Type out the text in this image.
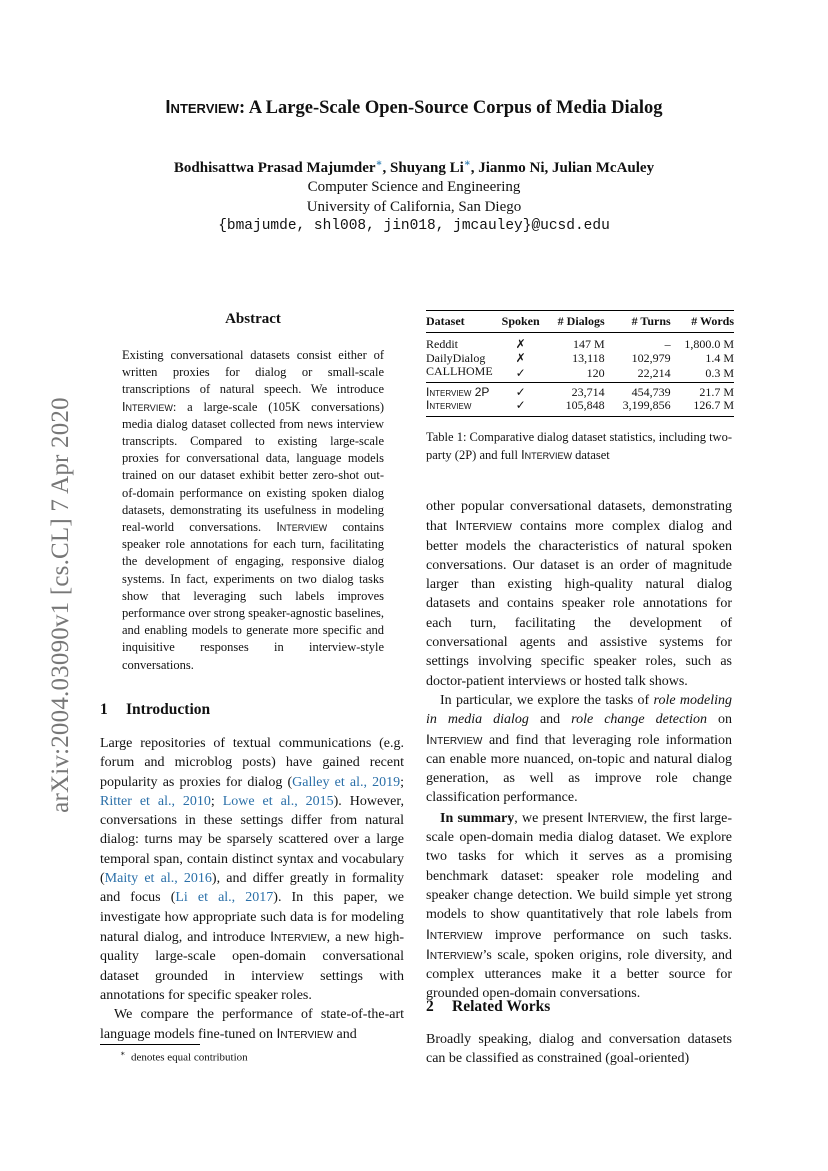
arXiv:2004.03090v1 [cs.CL] 7 Apr 2020
Interview: A Large-Scale Open-Source Corpus of Media Dialog
Bodhisattwa Prasad Majumder∗, Shuyang Li∗, Jianmo Ni, Julian McAuley
Computer Science and Engineering
University of California, San Diego
{bmajumde, shl008, jin018, jmcauley}@ucsd.edu
Abstract
Existing conversational datasets consist either of written proxies for dialog or small-scale transcriptions of natural speech. We introduce Interview: a large-scale (105K conversations) media dialog dataset collected from news interview transcripts. Compared to existing large-scale proxies for conversational data, language models trained on our dataset exhibit better zero-shot out-of-domain performance on existing spoken dialog datasets, demonstrating its usefulness in modeling real-world conversations. Interview contains speaker role annotations for each turn, facilitating the development of engaging, responsive dialog systems. In fact, experiments on two dialog tasks show that leveraging such labels improves performance over strong speaker-agnostic baselines, and enabling models to generate more specific and inquisitive responses in interview-style conversations.
1 Introduction

Large repositories of textual communications (e.g. forum and microblog posts) have gained recent popularity as proxies for dialog (Galley et al., 2019; Ritter et al., 2010; Lowe et al., 2015). However, conversations in these settings differ from natural dialog: turns may be sparsely scattered over a large temporal span, contain distinct syntax and vocabulary (Maity et al., 2016), and differ greatly in formality and focus (Li et al., 2017). In this paper, we investigate how appropriate such data is for modeling natural dialog, and introduce Interview, a new high-quality large-scale open-domain conversational dataset grounded in interview settings with annotations for specific speaker roles.

We compare the performance of state-of-the-art language models fine-tuned on Interview and

∗ denotes equal contribution
Dataset	Spoken	# Dialogs	# Turns	# Words
Reddit	✗	147 M	–	1,800.0 M
DailyDialog	✗	13,118	102,979	1.4 M
CALLHOME	✓	120	22,214	0.3 M
Interview 2P	✓	23,714	454,739	21.7 M
Interview	✓	105,848	3,199,856	126.7 M
Table 1: Comparative dialog dataset statistics, including two-party (2P) and full Interview dataset

other popular conversational datasets, demonstrating that Interview contains more complex dialog and better models the characteristics of natural spoken conversations. Our dataset is an order of magnitude larger than existing high-quality natural dialog datasets and contains speaker role annotations for each turn, facilitating the development of conversational agents and assistive systems for settings involving specific speaker roles, such as doctor-patient interviews or hosted talk shows.

In particular, we explore the tasks of role modeling in media dialog and role change detection on Interview and find that leveraging role information can enable more nuanced, on-topic and natural dialog generation, as well as improve role change classification performance.

In summary, we present Interview, the first large-scale open-domain media dialog dataset. We explore two tasks for which it serves as a promising benchmark dataset: speaker role modeling and speaker change detection. We build simple yet strong models to show quantitatively that role labels from Interview improve performance on such tasks. Interview’s scale, spoken origins, role diversity, and complex utterances make it a better source for grounded open-domain conversations.

2 Related Works

Broadly speaking, dialog and conversation datasets can be classified as constrained (goal-oriented)
